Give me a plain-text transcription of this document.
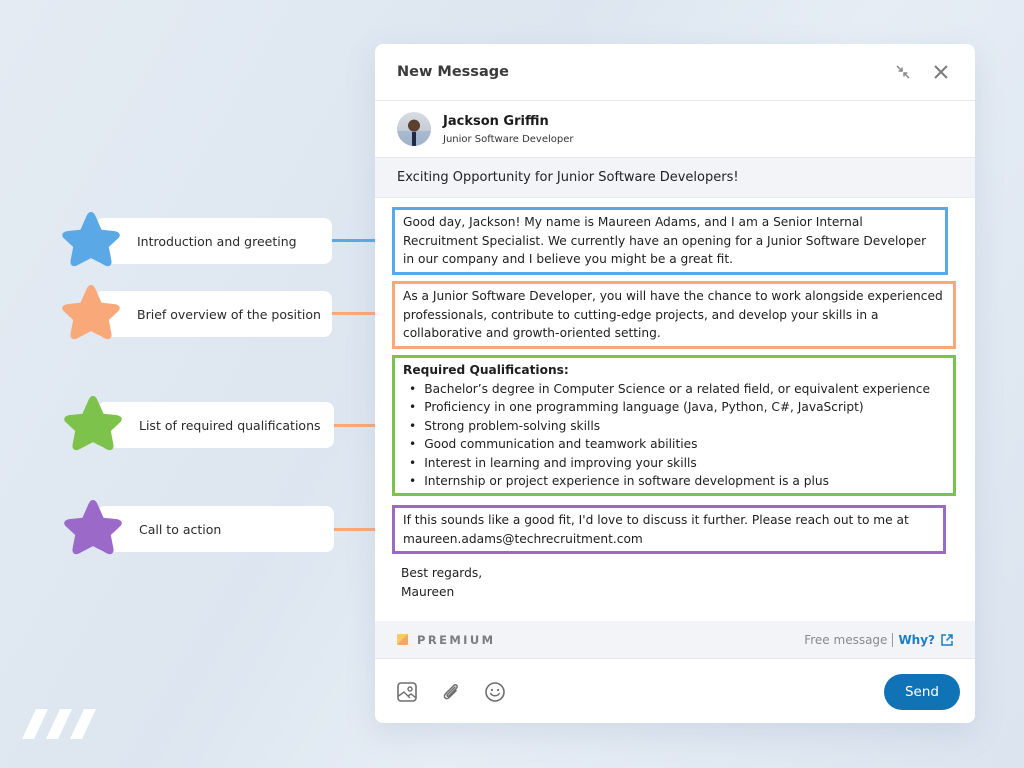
Introduction and greeting
Brief overview of the position
List of required qualifications
Call to action
New Message
Jackson Griffin
Junior Software Developer
Exciting Opportunity for Junior Software Developers!
Good day, Jackson! My name is Maureen Adams, and I am a Senior Internal Recruitment Specialist. We currently have an opening for a Junior Software Developer in our company and I believe you might be a great fit.
As a Junior Software Developer, you will have the chance to work alongside experienced professionals, contribute to cutting-edge projects, and develop your skills in a collaborative and growth-oriented setting.
Required Qualifications:
• Bachelor’s degree in Computer Science or a related field, or equivalent experience
• Proficiency in one programming language (Java, Python, C#, JavaScript)
• Strong problem-solving skills
• Good communication and teamwork abilities
• Interest in learning and improving your skills
• Internship or project experience in software development is a plus
If this sounds like a good fit, I'd love to discuss it further. Please reach out to me at
maureen.adams@techrecruitment.com
Best regards,
Maureen
PREMIUM	Free message Why?
Send
